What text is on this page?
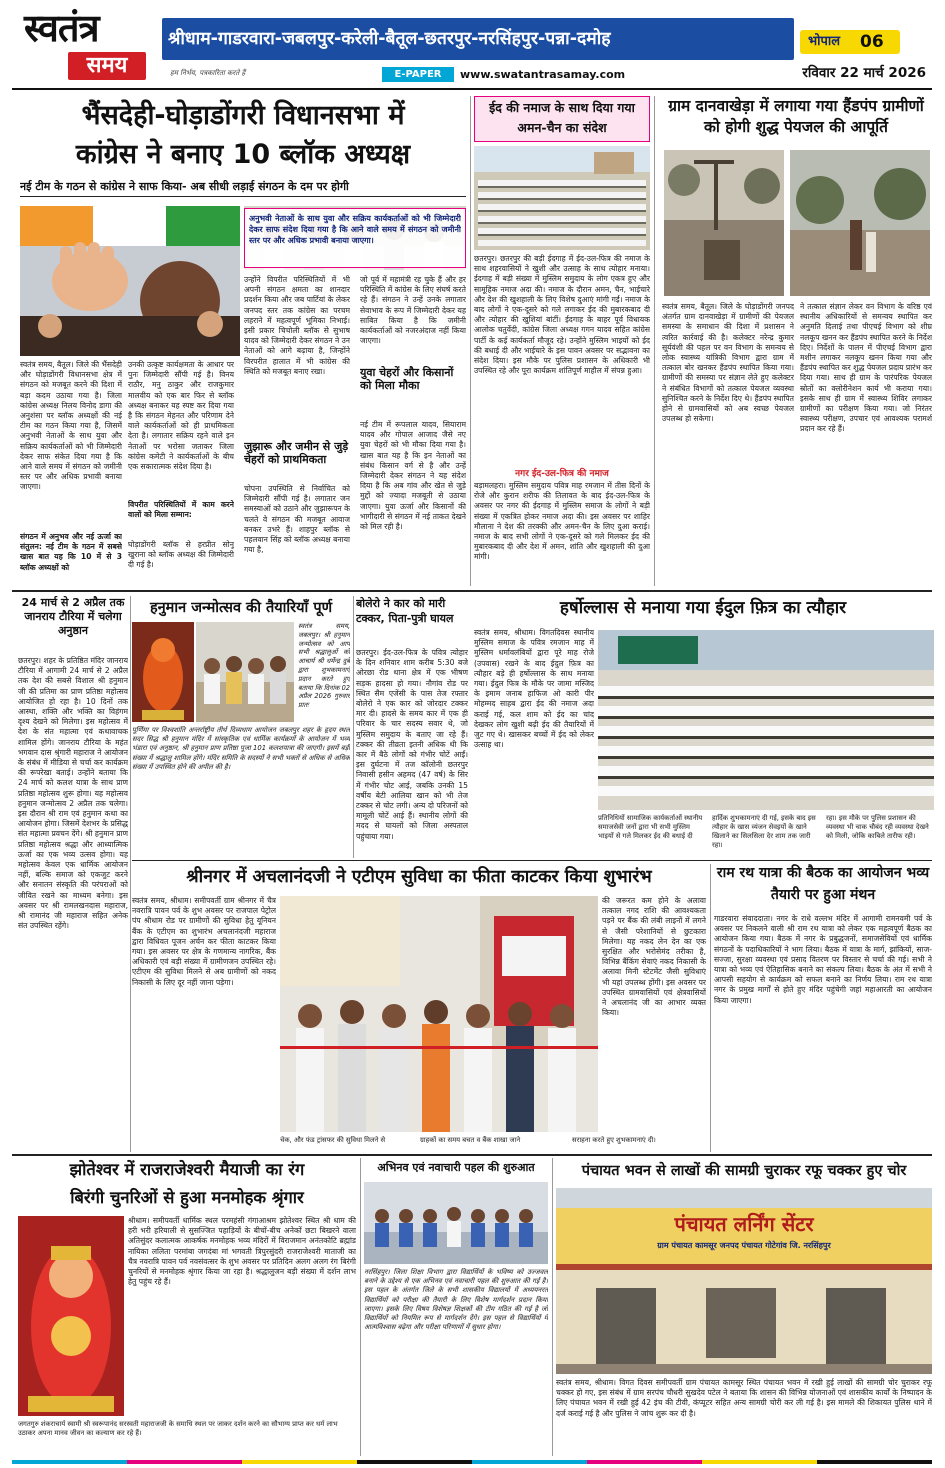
स्वतंत्र
समय	हम निर्भय, पत्रकारिता करते हैं
श्रीधाम-गाडरवारा-जबलपुर-करेली-बैतूल-छतरपुर-नरसिंहपुर-पन्ना-दमोह	भोपाल	06
E-PAPER	www.swatantrasamay.com	रविवार 22 मार्च 2026
भैंसदेही-घोड़ाडोंगरी विधानसभा में
कांग्रेस ने बनाए 10 ब्लॉक अध्यक्ष
नई टीम के गठन से कांग्रेस ने साफ किया- अब सीधी लड़ाई संगठन के दम पर होगी
अनुभवी नेताओं के साथ युवा और सक्रिय कार्यकर्ताओं को भी जिम्मेदारी देकर साफ संदेश दिया गया है कि आने वाले समय में संगठन को जमीनी स्तर पर और अधिक प्रभावी बनाया जाएगा।
स्वतंत्र समय, बैतूल। जिले की भैंसदेही और घोड़ाडोंगरी विधानसभा क्षेत्र में संगठन को मजबूत करने की दिशा में बड़ा कदम उठाया गया है। जिला कांग्रेस अध्यक्ष निलय विनोद डागा की अनुशंसा पर ब्लॉक अध्यक्षों की नई टीम का गठन किया गया है, जिसमें अनुभवी नेताओं के साथ युवा और सक्रिय कार्यकर्ताओं को भी जिम्मेदारी देकर साफ संकेत दिया गया है कि आने वाले समय में संगठन को जमीनी स्तर पर और अधिक प्रभावी बनाया जाएगा।
संगठन में अनुभव और नई ऊर्जा का संतुलन: नई टीम के गठन में सबसे खास बात यह कि 10 में से 3 ब्लॉक अध्यक्षों को
उनकी उत्कृष्ट कार्यक्षमता के आधार पर पुनः जिम्मेदारी सौंपी गई है। विनय राठौर, मनु ठाकुर और राजकुमार मालवीय को एक बार फिर से ब्लॉक अध्यक्ष बनाकर यह स्पष्ट कर दिया गया है कि संगठन मेहनत और परिणाम देने वाले कार्यकर्ताओं को ही प्राथमिकता देता है। लगातार सक्रिय रहने वाले इन नेताओं पर भरोसा जताकर जिला कांग्रेस कमेटी ने कार्यकर्ताओं के बीच एक सकारात्मक संदेश दिया है।
विपरीत परिस्थितियों में काम करने वालों को मिला सम्मान:
घोड़ाडोंगरी ब्लॉक से हरप्रीत सोनू खुराना को ब्लॉक अध्यक्ष की जिम्मेदारी दी गई है।
उन्होंने विपरीत परिस्थितियों में भी अपनी संगठन क्षमता का शानदार प्रदर्शन किया और जब पार्टियां के लेकर जनपद स्तर तक कांग्रेस का परचम लहराने में महत्वपूर्ण भूमिका निभाई। इसी प्रकार चिचोली ब्लॉक से सुभाष यादव को जिम्मेदारी देकर संगठन ने उन नेताओं को आगे बढ़ाया है, जिन्होंने विरपरीत हालात में भी कांग्रेस की स्थिति को मजबूत बनाए रखा।
जुझारू और जमीन से जुड़े चेहरों को प्राथमिकता
चोपना उपस्थिति से निर्वाचित को जिम्मेदारी सौंपी गई है। लगातार जन समस्याओं को उठाने और जुझारूपन के चलते वे संगठन की मजबूत आवाज बनकर उभरे हैं। शाहपुर ब्लॉक से पहलवान सिंह को ब्लॉक अध्यक्ष बनाया गया है,
जो पूर्व में महामंत्री रह चुके हैं और हर परिस्थिति में कांग्रेस के लिए संघर्ष करते रहे हैं। संगठन ने उन्हें उनके लगातार सेवाभाव के रूप में जिम्मेदारी देकर यह साबित किया है कि जमीनी कार्यकर्ताओं को नजरअंदाज नहीं किया जाएगा।
युवा चेहरों और किसानों को मिला मौका
नई टीम में रूपलाल यादव, सियाराम यादव और गोपाल आजाद जैसे नए युवा चेहरों को भी मौका दिया गया है। खास बात यह है कि इन नेताओं का संबंध किसान वर्ग से है और उन्हें जिम्मेदारी देकर संगठन ने यह संदेश दिया है कि अब गांव और खेत से जुड़े मुद्दों को ज्यादा मजबूती से उठाया जाएगा। युवा ऊर्जा और किसानों की भागीदारी से संगठन में नई ताकत देखने को मिल रही है।
ईद की नमाज के साथ दिया गया अमन-चैन का संदेश
छतरपुर। छतरपुर की बड़ी ईदगाह में ईद-उल-फित्र की नमाज के साथ शहरवासियों ने खुशी और उत्साह के साथ त्योहार मनाया। ईदगाह में बड़ी संख्या में मुस्लिम समुदाय के लोग एकत्र हुए और सामूहिक नमाज अदा की। नमाज के दौरान अमन, चैन, भाईचारे और देश की खुशहाली के लिए विशेष दुआएं मांगी गईं। नमाज के बाद लोगों ने एक-दूसरे को गले लगाकर ईद की मुबारकबाद दी और त्योहार की खुशियां बांटीं। ईदगाह के बाहर पूर्व विधायक आलोक चतुर्वेदी, कांग्रेस जिला अध्यक्ष गगन यादव सहित कांग्रेस पार्टी के कई कार्यकर्ता मौजूद रहे। उन्होंने मुस्लिम भाइयों को ईद की बधाई दी और भाईचारे के इस पावन अवसर पर सद्भावना का संदेश दिया। इस मौके पर पुलिस प्रशासन के अधिकारी भी उपस्थित रहे और पूरा कार्यक्रम शांतिपूर्ण माहौल में संपन्न हुआ।
नगर ईद-उल-फित्र की नमाज
बड़ामलहरा। मुस्लिम समुदाय पवित्र माह रमजान में तीस दिनों के रोजे और कुरान शरीफ की तिलावत के बाद ईद-उल-फित्र के अवसर पर नगर की ईदगाह में मुस्लिम समाज के लोगों ने बड़ी संख्या में एकत्रित होकर नमाज अदा की। इस अवसर पर शाहिर मौलाना ने देश की तरक्की और अमन-चैन के लिए दुआ कराई। नमाज के बाद सभी लोगों ने एक-दूसरे को गले मिलकर ईद की मुबारकबाद दी और देश में अमन, शांति और खुशहाली की दुआ मांगी।
ग्राम दानवाखेड़ा में लगाया गया हैंडपंप ग्रामीणों को होगी शुद्ध पेयजल की आपूर्ति
स्वतंत्र समय, बैतूल। जिले के घोड़ाडोंगरी जनपद अंतर्गत ग्राम दानवाखेड़ा में ग्रामीणों की पेयजल समस्या के समाधान की दिशा में प्रशासन ने त्वरित कार्रवाई की है। कलेक्टर नरेन्द्र कुमार सूर्यवंशी की पहल पर वन विभाग के समन्वय से लोक स्वास्थ्य यांत्रिकी विभाग द्वारा ग्राम में तत्काल बोर खनकर हैंडपंप स्थापित किया गया। ग्रामीणों की समस्या पर संज्ञान लेते हुए कलेक्टर ने संबंधित विभागों को तत्काल पेयजल व्यवस्था सुनिश्चित करने के निर्देश दिए थे। हैंडपंप स्थापित होने से ग्रामवासियों को अब स्वच्छ पेयजल उपलब्ध हो सकेगा।
ने तत्काल संज्ञान लेकर वन विभाग के वरिष्ठ एवं स्थानीय अधिकारियों से समन्वय स्थापित कर अनुमति दिलाई तथा पीएचई विभाग को शीघ्र नलकूप खनन कर हैंडपंप स्थापित करने के निर्देश दिए। निर्देशों के पालन में पीएचई विभाग द्वारा मशीन लगाकर नलकूप खनन किया गया और हैंडपंप स्थापित कर शुद्ध पेयजल प्रदाय प्रारंभ कर दिया गया। साथ ही ग्राम के पारंपरिक पेयजल स्रोतों का क्लोरीनेशन कार्य भी कराया गया। इसके साथ ही ग्राम में स्वास्थ्य शिविर लगाकर ग्रामीणों का परीक्षण किया गया। जो निरंतर स्वास्थ्य परीक्षण, उपचार एवं आवश्यक परामर्श प्रदान कर रहे हैं।
24 मार्च से 2 अप्रैल तक जानराय टौरिया में चलेगा अनुष्ठान
छतरपुर। शहर के प्रतिष्ठित मंदिर जानराय टौरिया में आगामी 24 मार्च से 2 अप्रैल तक देश की सबसे विशाल श्री हनुमान जी की प्रतिमा का प्राण प्रतिष्ठा महोत्सव आयोजित हो रहा है। 10 दिनों तक आस्था, शक्ति और भक्ति का विहंगम दृश्य देखने को मिलेगा। इस महोत्सव में देश के संत महात्मा एवं कथावाचक शामिल होंगे। जानराय टौरिया के महंत भगवान दास श्रृंगारी महाराज ने आयोजन के संबंध में मीडिया से चर्चा कर कार्यक्रम की रूपरेखा बताई। उन्होंने बताया कि 24 मार्च को कलश यात्रा के साथ प्राण प्रतिष्ठा महोत्सव शुरू होगा। यह महोत्सव हनुमान जन्मोत्सव 2 अप्रैल तक चलेगा। इस दौरान श्री राम एवं हनुमान कथा का आयोजन होगा। जिसमें देशभर के प्रसिद्ध संत महात्मा प्रवचन देंगे। श्री हनुमान प्राण प्रतिष्ठा महोत्सव श्रद्धा और आध्यात्मिक ऊर्जा का एक भव्य उत्सव होगा। यह महोत्सव केवल एक धार्मिक आयोजन नहीं, बल्कि समाज को एकजुट करने और सनातन संस्कृति की परंपराओं को जीवित रखने का माध्यम बनेगा। इस अवसर पर श्री रामलखनदास महाराज, श्री रामानंद जी महाराज सहित अनेक संत उपस्थित रहेंगे।
हनुमान जन्मोत्सव की तैयारियाँ पूर्ण
स्वतंत्र समय, जबलपुर। श्री हनुमान जन्मोत्सव को आप सभी श्रद्धालुओं को आचार्य श्री धर्मेन्द्र दुबे द्वारा शुभकामनाएं प्रदान करते हुए बताया कि दिनांक 02 अप्रैल 2026 गुरुवार प्रातः
पूर्णिमा पर विश्वशांति अन्तर्राष्ट्रीय तीर्थ दिव्यधाम आयोजन जबलपुर शहर के हृदय स्थल सदर सिद्ध श्री हनुमान मंदिर में सांस्कृतिक एवं धार्मिक कार्यक्रमों के आयोजन में भव्य भंडारा एवं अनुष्ठान, श्री हनुमान प्राण प्रतिष्ठा पूजा 101 कलशयात्रा की जाएगी। इसमें बड़ी संख्या में श्रद्धालु शामिल होंगे। मंदिर समिति के सदस्यों ने सभी भक्तों से अधिक से अधिक संख्या में उपस्थित होने की अपील की है।
बोलेरो ने कार को मारी टक्कर, पिता-पुत्री घायल
छतरपुर। ईद-उल-फित्र के पवित्र त्योहार के दिन शनिवार शाम करीब 5:30 बजे ओरछा रोड थाना क्षेत्र में एक भीषण सड़क हादसा हो गया। नौगांव रोड पर स्थित सैम एजेंसी के पास तेज रफ्तार बोलेरो ने एक कार को जोरदार टक्कर मार दी। हादसे के समय कार में एक ही परिवार के चार सदस्य सवार थे, जो मुस्लिम समुदाय के बताए जा रहे हैं। टक्कर की तीव्रता इतनी अधिक थी कि कार में बैठे लोगों को गंभीर चोटें आईं। इस दुर्घटना में तज कॉलोनी छतरपुर निवासी हसीन अहमद (47 वर्ष) के सिर में गंभीर चोट आई, जबकि उनकी 15 वर्षीय बेटी आलिया खान को भी तेज टक्कर से चोट लगी। अन्य दो परिजनों को मामूली चोटें आई हैं। स्थानीय लोगों की मदद से घायलों को जिला अस्पताल पहुंचाया गया।
हर्षोल्लास से मनाया गया ईदुल फ़ित्र का त्यौहार
स्वतंत्र समय, श्रीधाम। विगतदिवस स्थानीय मुस्लिम समाज के पवित्र रमजान माह में मुस्लिम धर्मावलंबियों द्वारा पूरे माह रोजे (उपवास) रखने के बाद ईदुल फ़ित्र का त्यौहार बड़े ही हर्षोल्लास के साथ मनाया गया। ईदुल फित्र के मौके पर जामा मस्जिद के इमाम जनाब हाफिज ओ कारी पीर मोहम्मद साहब द्वारा ईद की नमाज अदा कराई गई, कल शाम को ईद का चांद देखकर लोग खुशी बढ़ी ईद की तैयारियों में जुट गए थे। खासकर बच्चों में ईद को लेकर उत्साह था।
प्रतिनिधियों सामाजिक कार्यकर्ताओं स्थानीय समाजसेवी जनों द्वारा भी सभी मुस्लिम भाइयों से गले मिलकर ईद की बधाई दी
हार्दिक शुभकामनाएं दी गई, इसके बाद इस त्यौहार के खास व्यंजन सेवइयों के खाने खिलाने का सिलसिला देर शाम तक जारी रहा।
रहा। इस मौके पर पुलिस प्रशासन की व्यवस्था भी चाक चौबंद रही व्यवस्था देखने को मिली, जोकि काबिले तारीफ रही।
श्रीनगर में अचलानंदजी ने एटीएम सुविधा का फीता काटकर किया शुभारंभ
स्वतंत्र समय, श्रीधाम। समीपवर्ती ग्राम श्रीनगर में चैत्र नवरात्रि पावन पर्व के शुभ अवसर पर राजपाल पेट्रोल पंप श्रीधाम रोड पर ग्रामीणों की सुविधा हेतु यूनियन बैंक के एटीएम का शुभारंभ अचलानंदजी महाराज द्वारा विधिवत पूजन अर्चन कर फीता काटकर किया गया। इस अवसर पर क्षेत्र के गणमान्य नागरिक, बैंक अधिकारी एवं बड़ी संख्या में ग्रामीणजन उपस्थित रहे। एटीएम की सुविधा मिलने से अब ग्रामीणों को नकद निकासी के लिए दूर नहीं जाना पड़ेगा।
की जरूरत कम होने के अलावा तत्काल नगद राशि की आवश्यकता पड़ने पर बैंक की लंबी लाइनों में लगने से जैसी परेशानियों से छुटकारा मिलेगा। यह नकद लेन देन का एक सुरक्षित और भरोसेमंद तरीका है, विभिन्न बैंकिंग सेवाएं नकद निकासी के अलावा मिनी स्टेटमेंट जैसी सुविधाएं भी यहां उपलब्ध होंगी। इस अवसर पर उपस्थित ग्रामवासियों एवं क्षेत्रवासियों ने अचलानंद जी का आभार व्यक्त किया।
चेक, और फंड ट्रांसफर की सुविधा मिलने से	ग्राहकों का समय बचत व बैंक शाखा जाने	सराहना करते हुए शुभकामनाएं दी।
राम रथ यात्रा की बैठक का आयोजन भव्य तैयारी पर हुआ मंथन
गाडरवारा संवाददाता। नगर के राधे वल्लभ मंदिर में आगामी रामनवमी पर्व के अवसर पर निकलने वाली श्री राम रथ यात्रा को लेकर एक महत्वपूर्ण बैठक का आयोजन किया गया। बैठक में नगर के प्रबुद्धजनों, समाजसेवियों एवं धार्मिक संगठनों के पदाधिकारियों ने भाग लिया। बैठक में यात्रा के मार्ग, झांकियों, साज-सज्जा, सुरक्षा व्यवस्था एवं प्रसाद वितरण पर विस्तार से चर्चा की गई। सभी ने यात्रा को भव्य एवं ऐतिहासिक बनाने का संकल्प लिया। बैठक के अंत में सभी ने आपसी सहयोग से कार्यक्रम को सफल बनाने का निर्णय लिया। राम रथ यात्रा नगर के प्रमुख मार्गों से होते हुए मंदिर पहुंचेगी जहां महाआरती का आयोजन किया जाएगा।
झोतेश्वर में राजराजेश्वरी मैयाजी का रंग
बिरंगी चुनरिओं से हुआ मनमोहक श्रृंगार
श्रीधाम। समीपवर्ती धार्मिक स्थल परमहंसी गंगाआश्रम झोतेश्वर स्थित श्री धाम की हरी भरी हरियाली से सुसज्जित पहाड़ियों के बीचों-बीच अनेकों छटा बिखरने वाला अतिसुंदर कलात्मक आकर्षक मनमोहक भव्य मंदिरों में विराजमान अनंतकोटि ब्रह्मांड नायिका ललिता परमांबा जगदंबा मां भगवती त्रिपुरसुंदरी राजराजेश्वरी माताजी का चैत्र नवरात्रि पावन पर्व नवसंवत्सर के शुभ अवसर पर प्रतिदिन अलग अलग रंग बिरंगी चुनरियों से मनमोहक श्रृंगार किया जा रहा है। श्रद्धालुजन बड़ी संख्या में दर्शन लाभ हेतु पहुंच रहे हैं।
जगतगुरु शंकराचार्य स्वामी श्री स्वरूपानंद सरस्वती महाराजजी के समाधि स्थल पर जाकर दर्शन करने का सौभाग्य प्राप्त कर धर्म लाभ उठाकर अपना मानव जीवन का कल्याण कर रहे हैं।
अभिनव एवं नवाचारी पहल की शुरुआत
नरसिंहपुर। जिला शिक्षा विभाग द्वारा विद्यार्थियों के भविष्य को उज्जवल बनाने के उद्देश्य से एक अभिनव एवं नवाचारी पहल की शुरुआत की गई है। इस पहल के अंतर्गत जिले के सभी शासकीय विद्यालयों में अध्ययनरत विद्यार्थियों को परीक्षा की तैयारी के लिए विशेष मार्गदर्शन प्रदान किया जाएगा। इसके लिए विषय विशेषज्ञ शिक्षकों की टीम गठित की गई है जो विद्यार्थियों को नियमित रूप से मार्गदर्शन देंगे। इस पहल से विद्यार्थियों में आत्मविश्वास बढ़ेगा और परीक्षा परिणामों में सुधार होगा।
पंचायत भवन से लाखों की सामग्री चुराकर रफू चक्कर हुए चोर
पंचायत लर्निंग सेंटर
ग्राम पंचायत कामसूर जनपद पंचायत गोटेगांव जि. नरसिंहपुर
स्वतंत्र समय, श्रीधाम। विगत दिवस समीपवर्ती ग्राम पंचायत कामसूर स्थित पंचायत भवन में रखी हुई लाखों की सामग्री चोर चुराकर रफू चक्कर हो गए, इस संबंध में ग्राम सरपंच चौधरी सुखदेव पटेल ने बताया कि शासन की विभिन्न योजनाओं एवं शासकीय कार्यों के निष्पादन के लिए पंचायत भवन में रखी हुई 42 इंच की टीवी, कंप्यूटर सहित अन्य सामग्री चोरी कर ली गई है। इस मामले की शिकायत पुलिस थाने में दर्ज कराई गई है और पुलिस ने जांच शुरू कर दी है।
